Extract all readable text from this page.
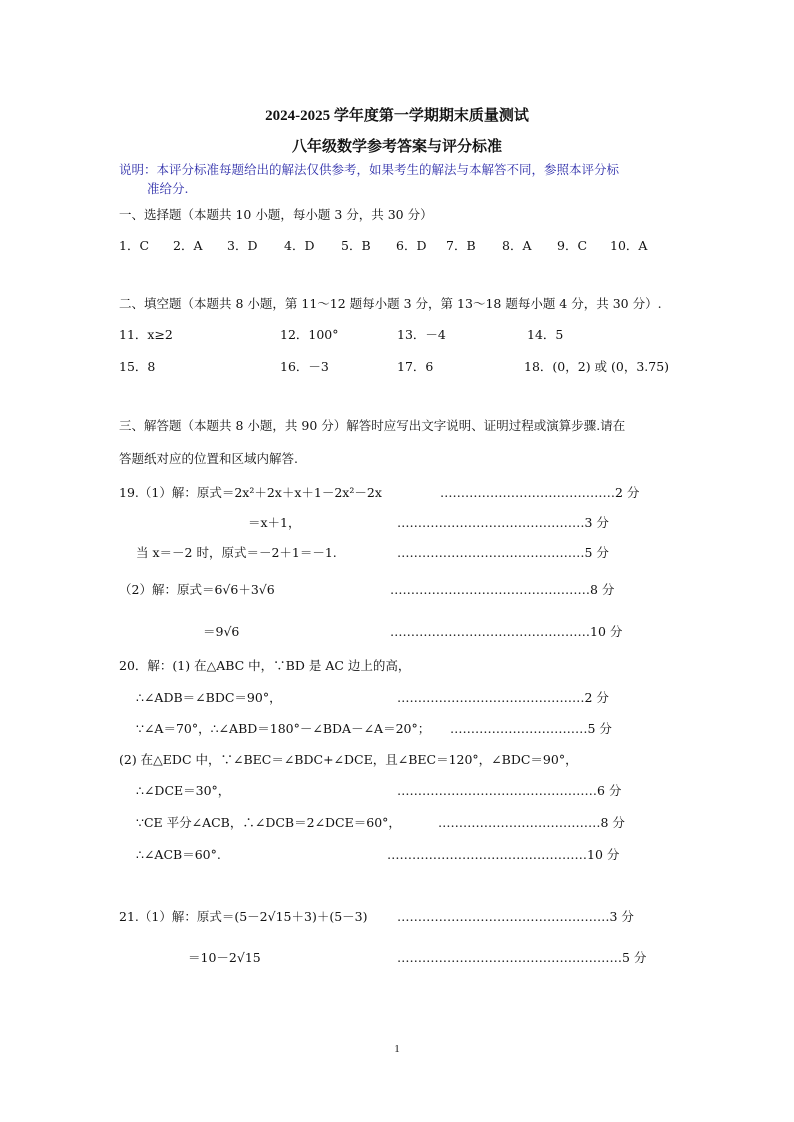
2024-2025 学年度第一学期期末质量测试
八年级数学参考答案与评分标准
说明：本评分标准每题给出的解法仅供参考，如果考生的解法与本解答不同，参照本评分标
准给分.
一、选择题（本题共 10 小题，每小题 3 分，共 30 分）
1．C 2．A 3．D 4．D 5．B 6．D 7．B 8．A 9．C 10．A
二、填空题（本题共 8 小题，第 11～12 题每小题 3 分，第 13～18 题每小题 4 分，共 30 分）.
11．x≥2	12．100°	13．－4	14．5
15．8	16．－3	17．6	18．(0，2) 或 (0，3.75)
三、解答题（本题共 8 小题，共 90 分）解答时应写出文字说明、证明过程或演算步骤.请在
答题纸对应的位置和区域内解答.
19.（1）解：原式＝2x²＋2x＋x＋1－2x²－2x	……………………………………2 分
＝x＋1，	………………………………………3 分
当 x＝－2 时，原式＝－2＋1＝－1.	………………………………………5 分
（2）解：原式＝6√6＋3√6	…………………………………………8 分
＝9√6	…………………………………………10 分
20．解：(1) 在△ABC 中，∵BD 是 AC 边上的高，
∴∠ADB＝∠BDC＝90°，	………………………………………2 分
∵∠A＝70°，∴∠ABD＝180°－∠BDA－∠A＝20°； ……………………………5 分
(2) 在△EDC 中，∵∠BEC＝∠BDC+∠DCE，且∠BEC＝120°，∠BDC＝90°，
∴∠DCE＝30°，	…………………………………………6 分
∵CE 平分∠ACB，∴∠DCB＝2∠DCE＝60°，	…………………………………8 分
∴∠ACB＝60°.	…………………………………………10 分
21.（1）解：原式＝(5－2√15＋3)＋(5－3) ……………………………………………3 分
＝10－2√15	………………………………………………5 分
1
